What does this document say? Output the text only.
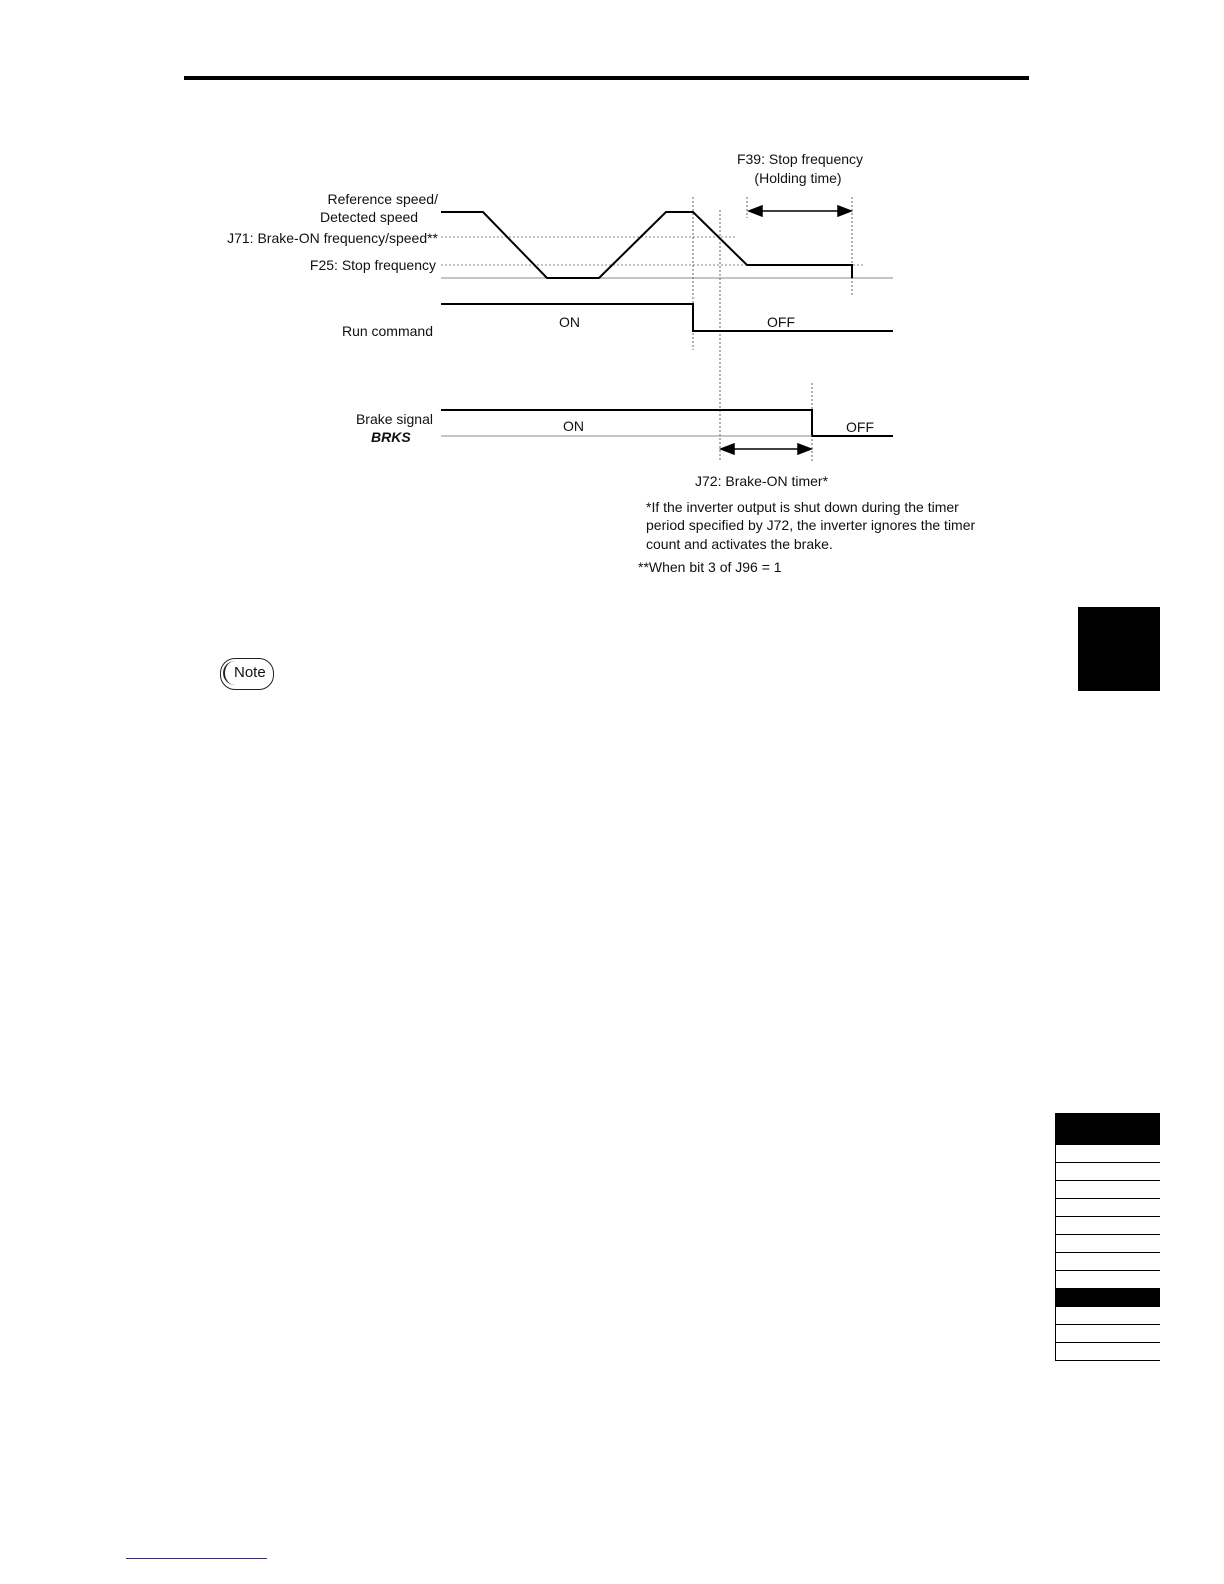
Reference speed/
Detected speed
J71: Brake-ON frequency/speed**
F25: Stop frequency
Run command
Brake signal
BRKS
F39: Stop frequency
(Holding time)
ON	OFF
ON	OFF
J72: Brake-ON timer*
*If the inverter output is shut down during the timer
period specified by J72, the inverter ignores the timer
count and activates the brake.
**When bit 3 of J96 = 1
Note
